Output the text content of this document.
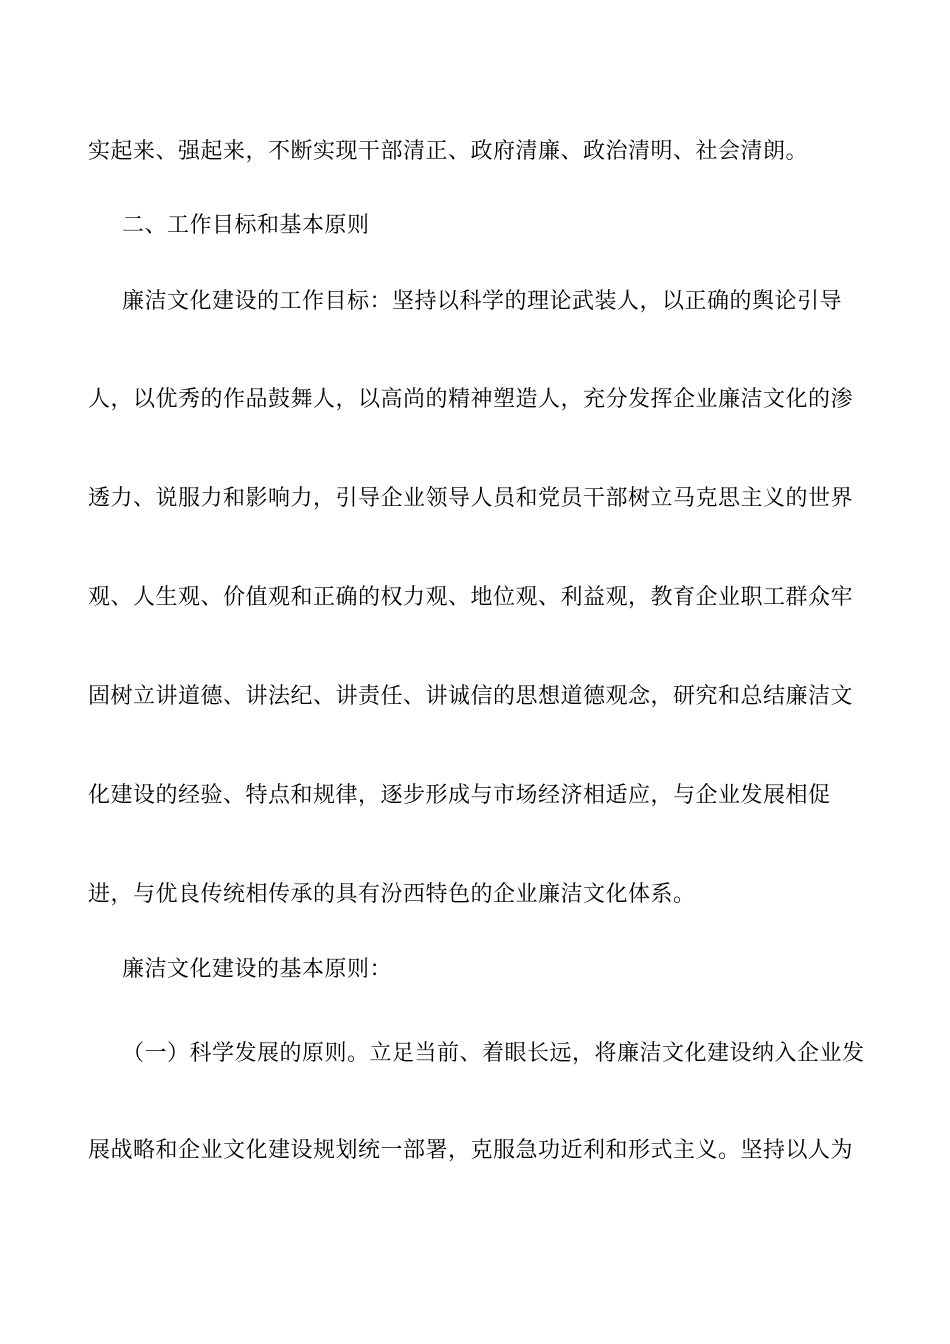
实起来、强起来，不断实现干部清正、政府清廉、政治清明、社会清朗。
二、工作目标和基本原则
廉洁文化建设的工作目标：坚持以科学的理论武装人，以正确的舆论引导
人，以优秀的作品鼓舞人，以高尚的精神塑造人，充分发挥企业廉洁文化的渗
透力、说服力和影响力，引导企业领导人员和党员干部树立马克思主义的世界
观、人生观、价值观和正确的权力观、地位观、利益观，教育企业职工群众牢
固树立讲道德、讲法纪、讲责任、讲诚信的思想道德观念，研究和总结廉洁文
化建设的经验、特点和规律，逐步形成与市场经济相适应，与企业发展相促
进，与优良传统相传承的具有汾西特色的企业廉洁文化体系。
廉洁文化建设的基本原则：
（一）科学发展的原则。立足当前、着眼长远，将廉洁文化建设纳入企业发
展战略和企业文化建设规划统一部署，克服急功近利和形式主义。坚持以人为
